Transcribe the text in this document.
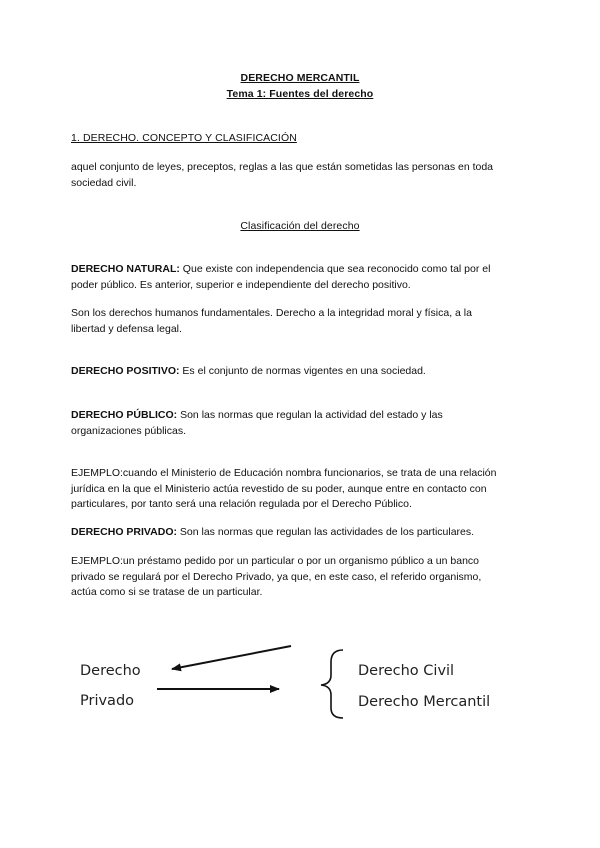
DERECHO MERCANTIL
Tema 1: Fuentes del derecho
1. DERECHO. CONCEPTO Y CLASIFICACIÓN
aquel conjunto de leyes, preceptos, reglas a las que están sometidas las personas en toda
sociedad civil.
Clasificación del derecho
DERECHO NATURAL: Que existe con independencia que sea reconocido como tal por el
poder público. Es anterior, superior e independiente del derecho positivo.
Son los derechos humanos fundamentales. Derecho a la integridad moral y física, a la
libertad y defensa legal.
DERECHO POSITIVO: Es el conjunto de normas vigentes en una sociedad.
DERECHO PÚBLICO: Son las normas que regulan la actividad del estado y las
organizaciones públicas.
EJEMPLO:cuando el Ministerio de Educación nombra funcionarios, se trata de una relación
jurídica en la que el Ministerio actúa revestido de su poder, aunque entre en contacto con
particulares, por tanto será una relación regulada por el Derecho Público.
DERECHO PRIVADO: Son las normas que regulan las actividades de los particulares.
EJEMPLO:un préstamo pedido por un particular o por un organismo público a un banco
privado se regulará por el Derecho Privado, ya que, en este caso, el referido organismo,
actúa como si se tratase de un particular.
Derecho
Privado
Derecho Civil
Derecho Mercantil
